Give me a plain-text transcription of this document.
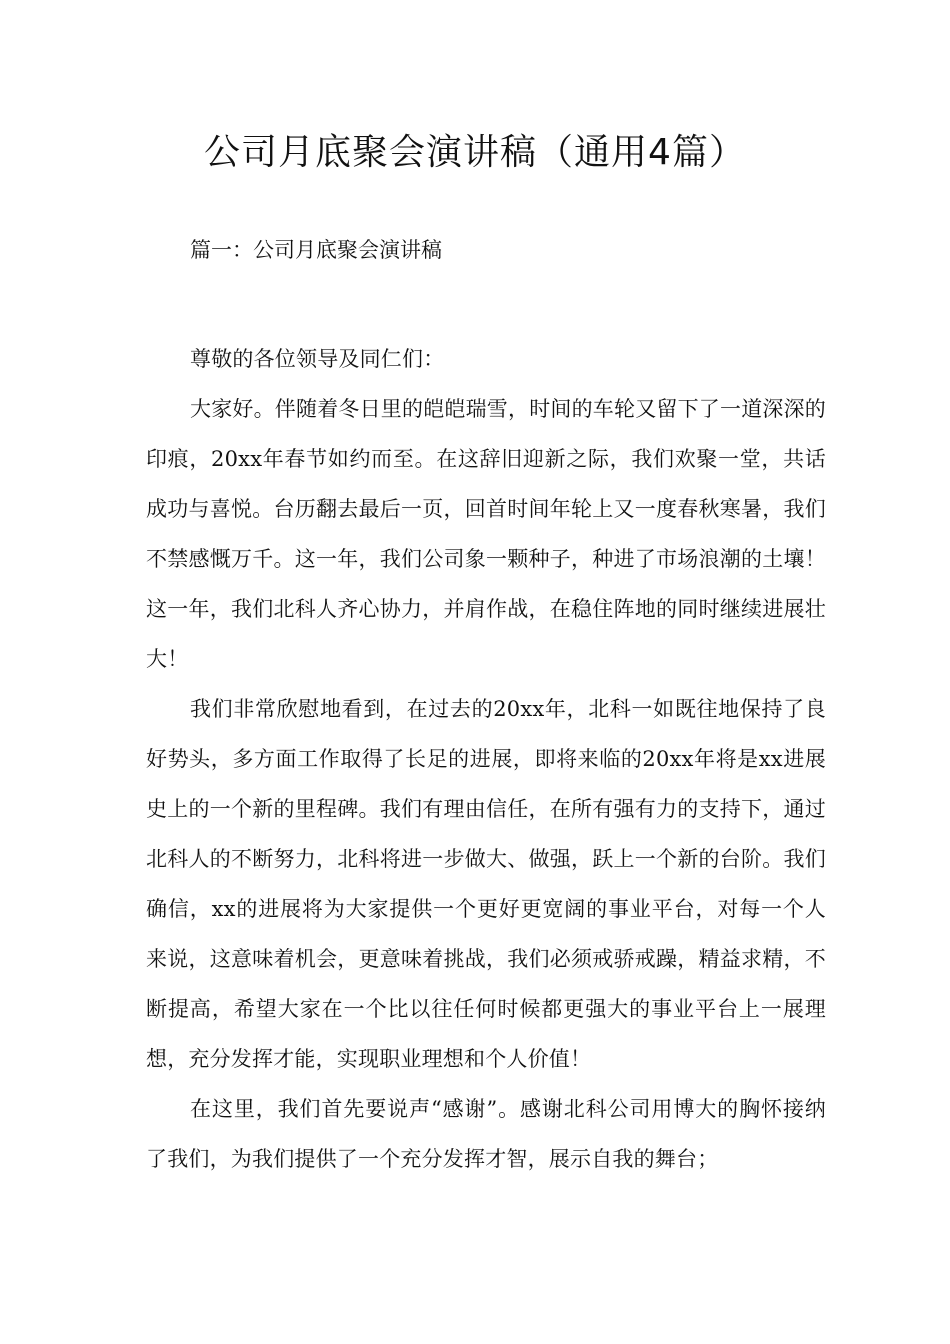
公司月底聚会演讲稿（通用4篇）
篇一：公司月底聚会演讲稿

尊敬的各位领导及同仁们：

大家好。伴随着冬日里的皑皑瑞雪，时间的车轮又留下了一道深深的印痕，20xx年春节如约而至。在这辞旧迎新之际，我们欢聚一堂，共话成功与喜悦。台历翻去最后一页，回首时间年轮上又一度春秋寒暑，我们不禁感慨万千。这一年，我们公司象一颗种子，种进了市场浪潮的土壤！这一年，我们北科人齐心协力，并肩作战，在稳住阵地的同时继续进展壮大！

我们非常欣慰地看到，在过去的20xx年，北科一如既往地保持了良好势头，多方面工作取得了长足的进展，即将来临的20xx年将是xx进展史上的一个新的里程碑。我们有理由信任，在所有强有力的支持下，通过北科人的不断努力，北科将进一步做大、做强，跃上一个新的台阶。我们确信，xx的进展将为大家提供一个更好更宽阔的事业平台，对每一个人来说，这意味着机会，更意味着挑战，我们必须戒骄戒躁，精益求精，不断提高，希望大家在一个比以往任何时候都更强大的事业平台上一展理想，充分发挥才能，实现职业理想和个人价值！

在这里，我们首先要说声“感谢”。感谢北科公司用博大的胸怀接纳了我们，为我们提供了一个充分发挥才智，展示自我的舞台；
